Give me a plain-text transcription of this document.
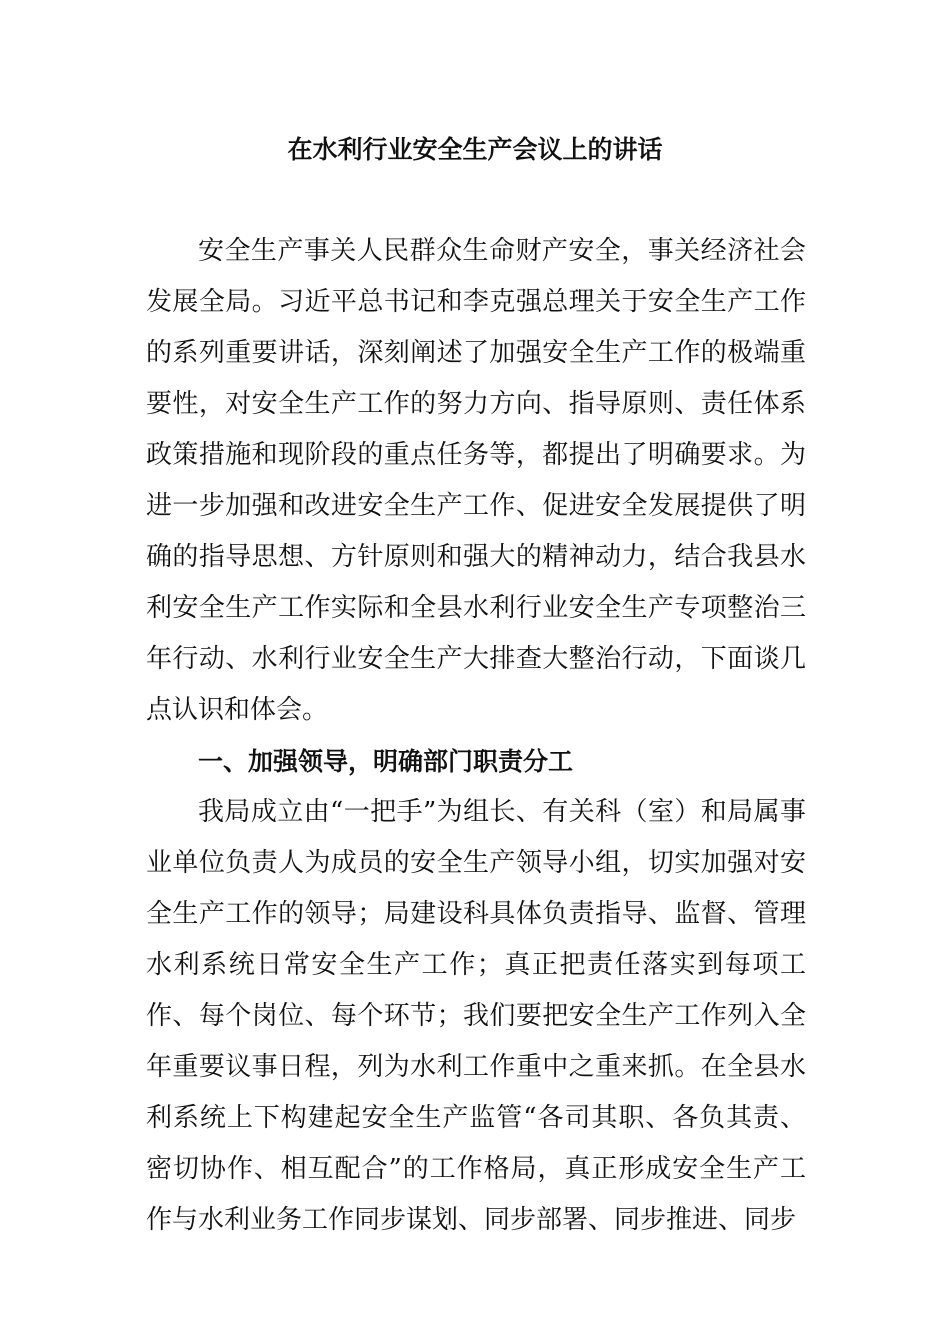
在水利行业安全生产会议上的讲话

安全生产事关人民群众生命财产安全，事关经济社会发展全局。习近平总书记和李克强总理关于安全生产工作的系列重要讲话，深刻阐述了加强安全生产工作的极端重要性，对安全生产工作的努力方向、指导原则、责任体系政策措施和现阶段的重点任务等，都提出了明确要求。为进一步加强和改进安全生产工作、促进安全发展提供了明确的指导思想、方针原则和强大的精神动力，结合我县水利安全生产工作实际和全县水利行业安全生产专项整治三年行动、水利行业安全生产大排查大整治行动，下面谈几点认识和体会。

一、加强领导，明确部门职责分工

我局成立由“一把手”为组长、有关科（室）和局属事业单位负责人为成员的安全生产领导小组，切实加强对安全生产工作的领导；局建设科具体负责指导、监督、管理水利系统日常安全生产工作；真正把责任落实到每项工作、每个岗位、每个环节；我们要把安全生产工作列入全年重要议事日程，列为水利工作重中之重来抓。在全县水利系统上下构建起安全生产监管“各司其职、各负其责、密切协作、相互配合”的工作格局，真正形成安全生产工作与水利业务工作同步谋划、同步部署、同步推进、同步
